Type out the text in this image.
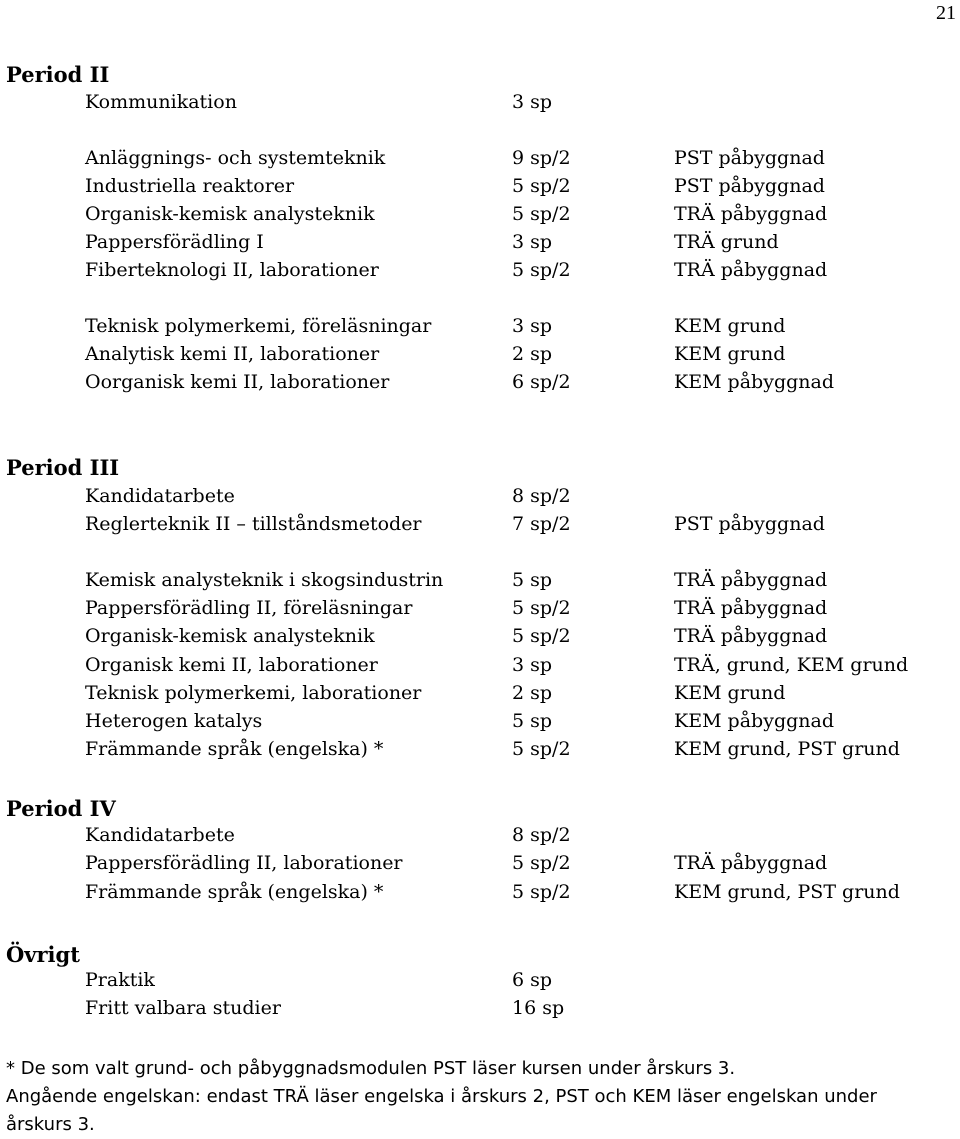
21
Period II
Period III
Period IV
Övrigt
Kommunikation	3 sp
Anläggnings- och systemteknik	9 sp/2	PST påbyggnad
Industriella reaktorer	5 sp/2	PST påbyggnad
Organisk-kemisk analysteknik	5 sp/2	TRÄ påbyggnad
Pappersförädling I	3 sp	TRÄ grund
Fiberteknologi II, laborationer	5 sp/2	TRÄ påbyggnad
Teknisk polymerkemi, föreläsningar	3 sp	KEM grund
Analytisk kemi II, laborationer	2 sp	KEM grund
Oorganisk kemi II, laborationer	6 sp/2	KEM påbyggnad
Kandidatarbete	8 sp/2
Reglerteknik II – tillståndsmetoder	7 sp/2	PST påbyggnad
Kemisk analysteknik i skogsindustrin	5 sp	TRÄ påbyggnad
Pappersförädling II, föreläsningar	5 sp/2	TRÄ påbyggnad
Organisk-kemisk analysteknik	5 sp/2	TRÄ påbyggnad
Organisk kemi II, laborationer	3 sp	TRÄ, grund, KEM grund
Teknisk polymerkemi, laborationer	2 sp	KEM grund
Heterogen katalys	5 sp	KEM påbyggnad
Främmande språk (engelska) *	5 sp/2	KEM grund, PST grund
Kandidatarbete	8 sp/2
Pappersförädling II, laborationer	5 sp/2	TRÄ påbyggnad
Främmande språk (engelska) *	5 sp/2	KEM grund, PST grund
Praktik	6 sp
Fritt valbara studier	16 sp
* De som valt grund- och påbyggnadsmodulen PST läser kursen under årskurs 3.
Angående engelskan: endast TRÄ läser engelska i årskurs 2, PST och KEM läser engelskan under årskurs 3.
